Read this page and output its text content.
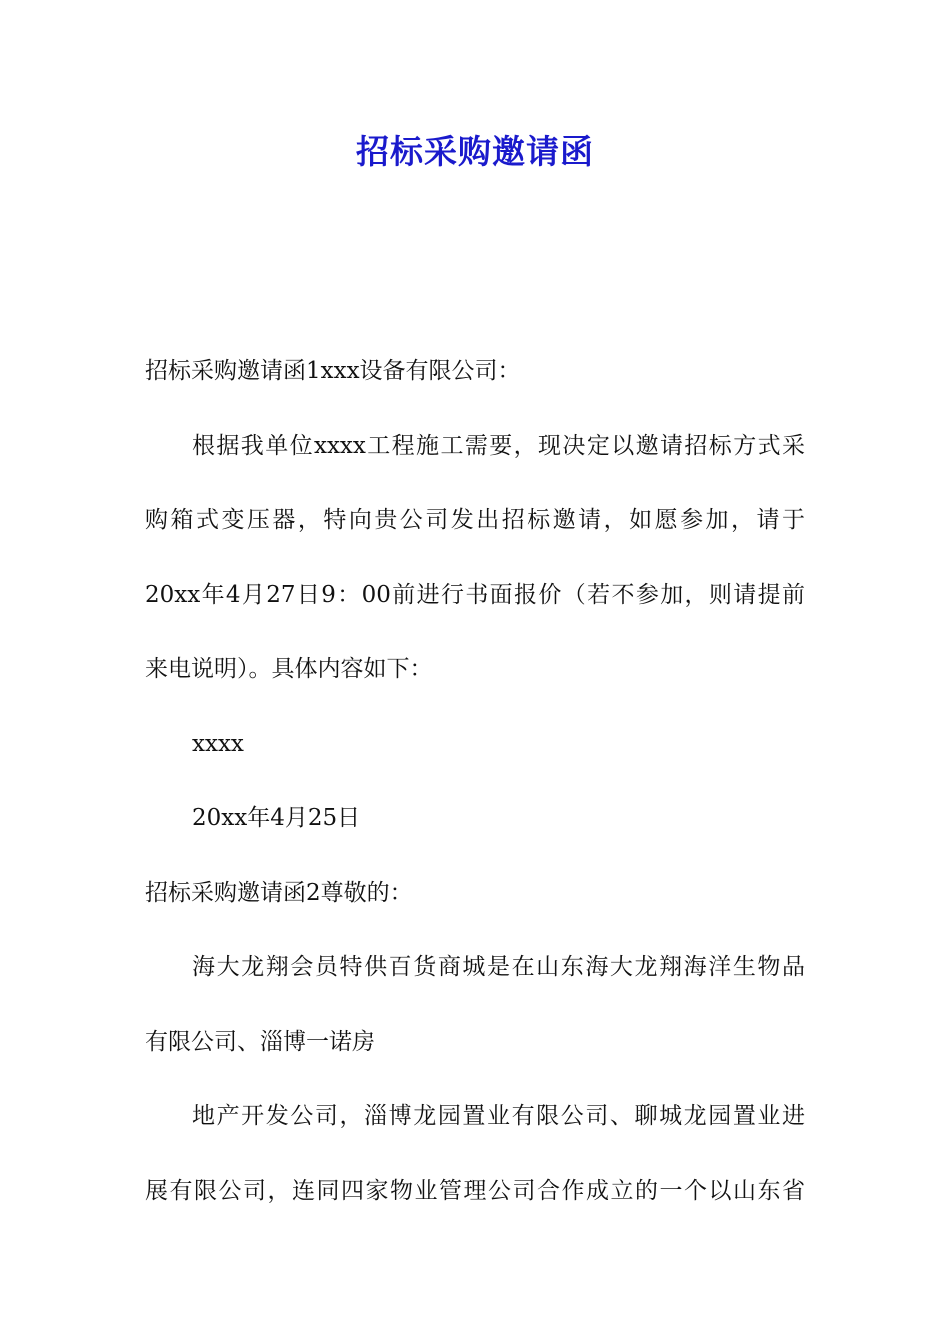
招标采购邀请函

招标采购邀请函1xxx设备有限公司：

根据我单位xxxx工程施工需要，现决定以邀请招标方式采

购箱式变压器，特向贵公司发出招标邀请，如愿参加，请于

20xx年4月27日9：00前进行书面报价（若不参加，则请提前

来电说明）。具体内容如下：

xxxx

20xx年4月25日

招标采购邀请函2尊敬的：

海大龙翔会员特供百货商城是在山东海大龙翔海洋生物品

有限公司、淄博一诺房

地产开发公司，淄博龙园置业有限公司、聊城龙园置业进

展有限公司，连同四家物业管理公司合作成立的一个以山东省
